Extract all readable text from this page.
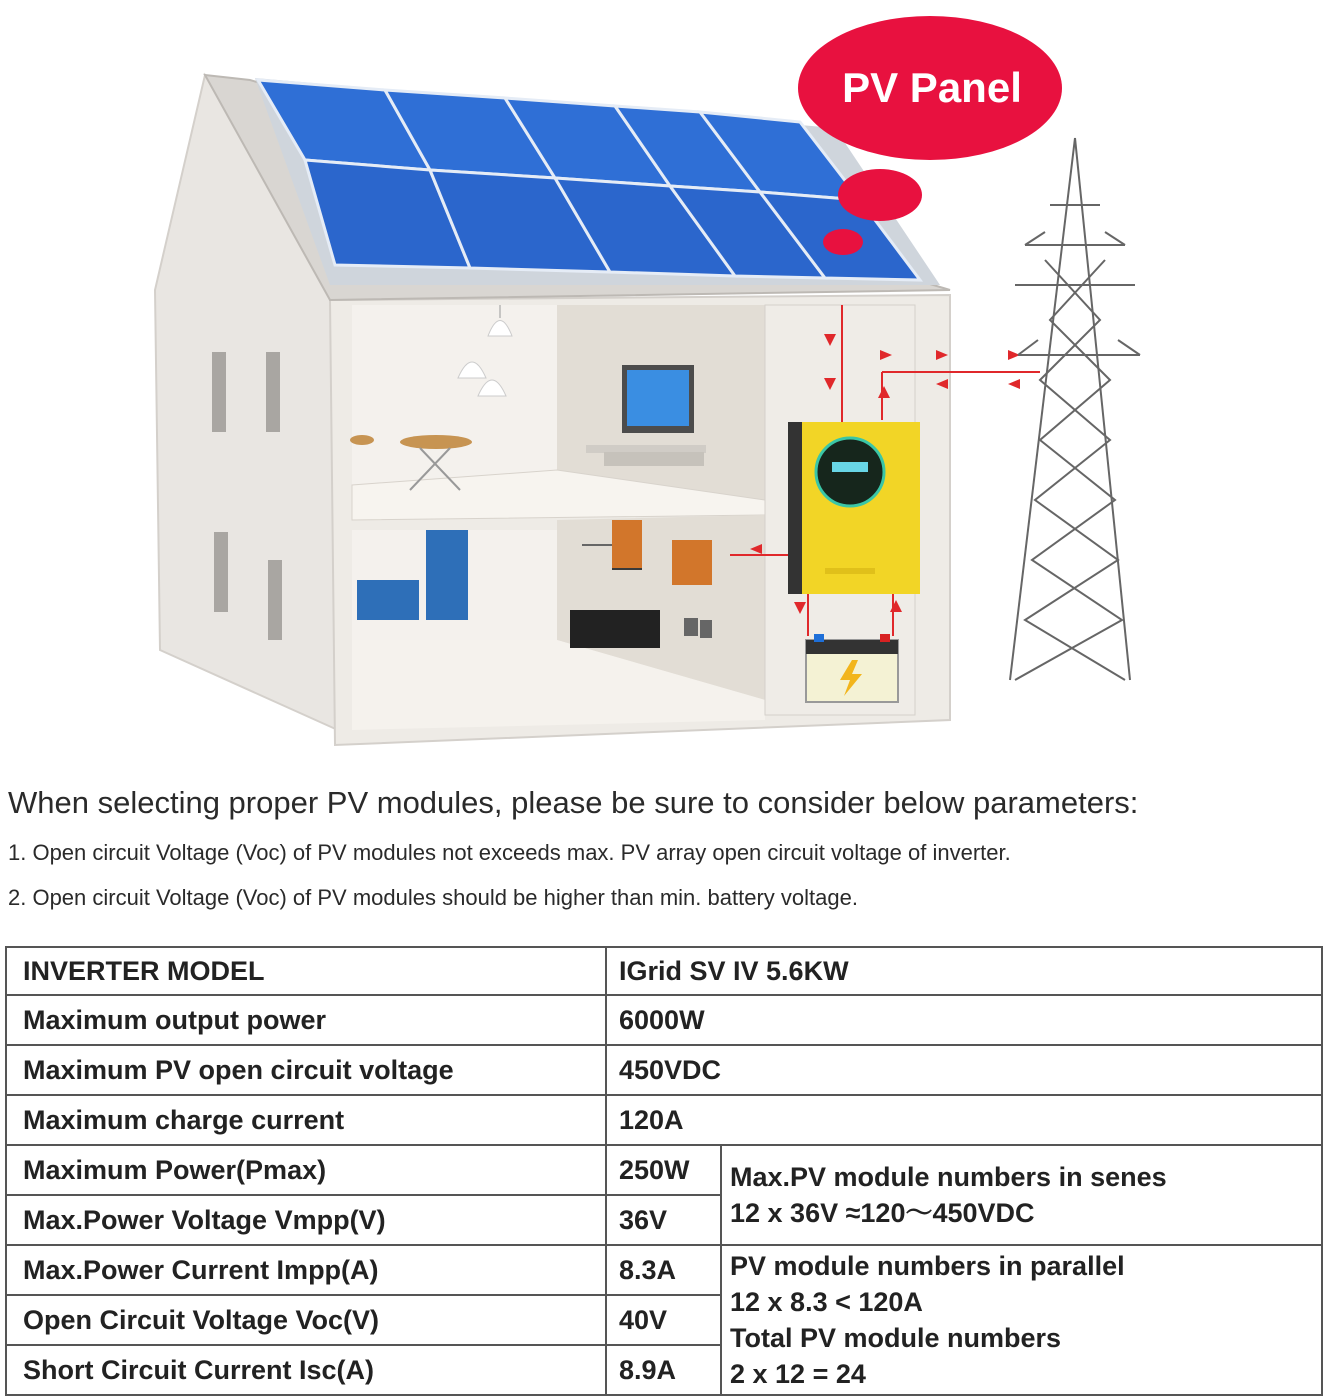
PV Panel
When selecting proper PV modules, please be sure to consider below parameters:
1. Open circuit Voltage (Voc) of PV modules not exceeds max. PV array open circuit voltage of inverter.
2. Open circuit Voltage (Voc) of PV modules should be higher than min. battery voltage.
INVERTER MODEL	IGrid SV IV 5.6KW	
Maximum output power	6000W	
Maximum PV open circuit voltage	450VDC	
Maximum charge current	120A	
Maximum Power(Pmax)	250W	Max.PV module numbers in senes
12 x 36V ≈120～450VDC

Max.Power Voltage Vmpp(V)	36V	
Max.Power Current Impp(A)	8.3A	PV module numbers in parallel
12 x 8.3 < 120A
Total PV module numbers
2 x 12 = 24

Open Circuit Voltage Voc(V)	40V	
Short Circuit Current Isc(A)	8.9A	
